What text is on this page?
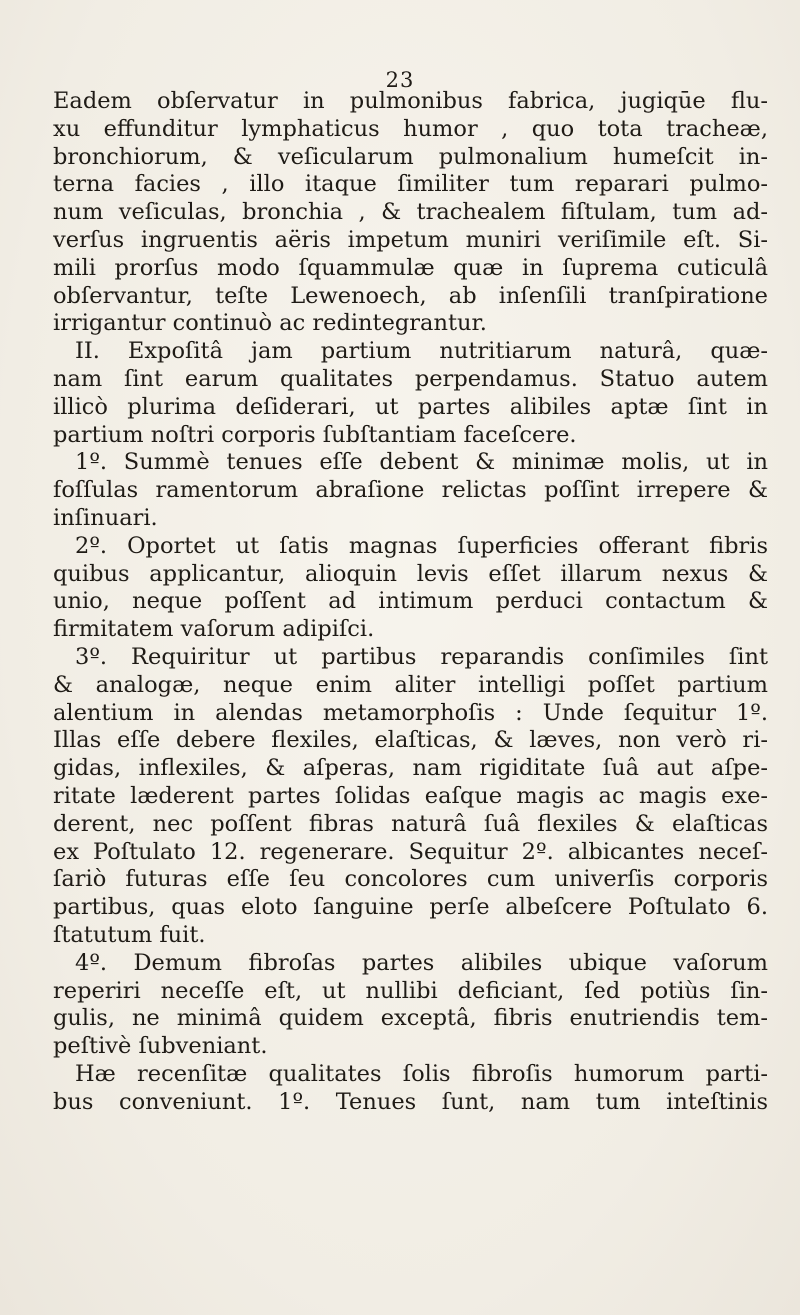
23
Eadem obſervatur in pulmonibus fabrica, jugiqūe flu-
xu effunditur lymphaticus humor , quo tota tracheæ,
bronchiorum, & veſicularum pulmonalium humeſcit in-
terna facies , illo itaque ſimiliter tum reparari pulmo-
num veſiculas, bronchia , & trachealem fiſtulam, tum ad-
verſus ingruentis aëris impetum muniri veriſimile eſt. Si-
mili prorſus modo ſquammulæ quæ in ſuprema cuticulâ
obſervantur, teſte Lewenoech, ab inſenſili tranſpiratione
irrigantur continuò ac redintegrantur.
II. Expoſitâ jam partium nutritiarum naturâ, quæ-
nam ſint earum qualitates perpendamus. Statuo autem
illicò plurima deſiderari, ut partes alibiles aptæ ſint in
partium noſtri corporis ſubſtantiam faceſcere.
1º. Summè tenues eſſe debent & minimæ molis, ut in
foſſulas ramentorum abraſione relictas poſſint irrepere &
inſinuari.
2º. Oportet ut ſatis magnas ſuperficies offerant fibris
quibus applicantur, alioquin levis eſſet illarum nexus &
unio, neque poſſent ad intimum perduci contactum &
firmitatem vaſorum adipiſci.
3º. Requiritur ut partibus reparandis conſimiles ſint
& analogæ, neque enim aliter intelligi poſſet partium
alentium in alendas metamorphoſis : Unde ſequitur 1º.
Illas eſſe debere flexiles, elaſticas, & læves, non verò ri-
gidas, inflexiles, & aſperas, nam rigiditate ſuâ aut aſpe-
ritate læderent partes ſolidas eaſque magis ac magis exe-
derent, nec poſſent fibras naturâ ſuâ flexiles & elaſticas
ex Poſtulato 12. regenerare. Sequitur 2º. albicantes neceſ-
ſariò futuras eſſe ſeu concolores cum univerſis corporis
partibus, quas eloto ſanguine perſe albeſcere Poſtulato 6.
ſtatutum fuit.
4º. Demum fibroſas partes alibiles ubique vaſorum
reperiri neceſſe eſt, ut nullibi deficiant, ſed potiùs ſin-
gulis, ne minimâ quidem exceptâ, fibris enutriendis tem-
peſtivè ſubveniant.
Hæ recenſitæ qualitates ſolis fibroſis humorum parti-
bus conveniunt. 1º. Tenues ſunt, nam tum inteſtinis
